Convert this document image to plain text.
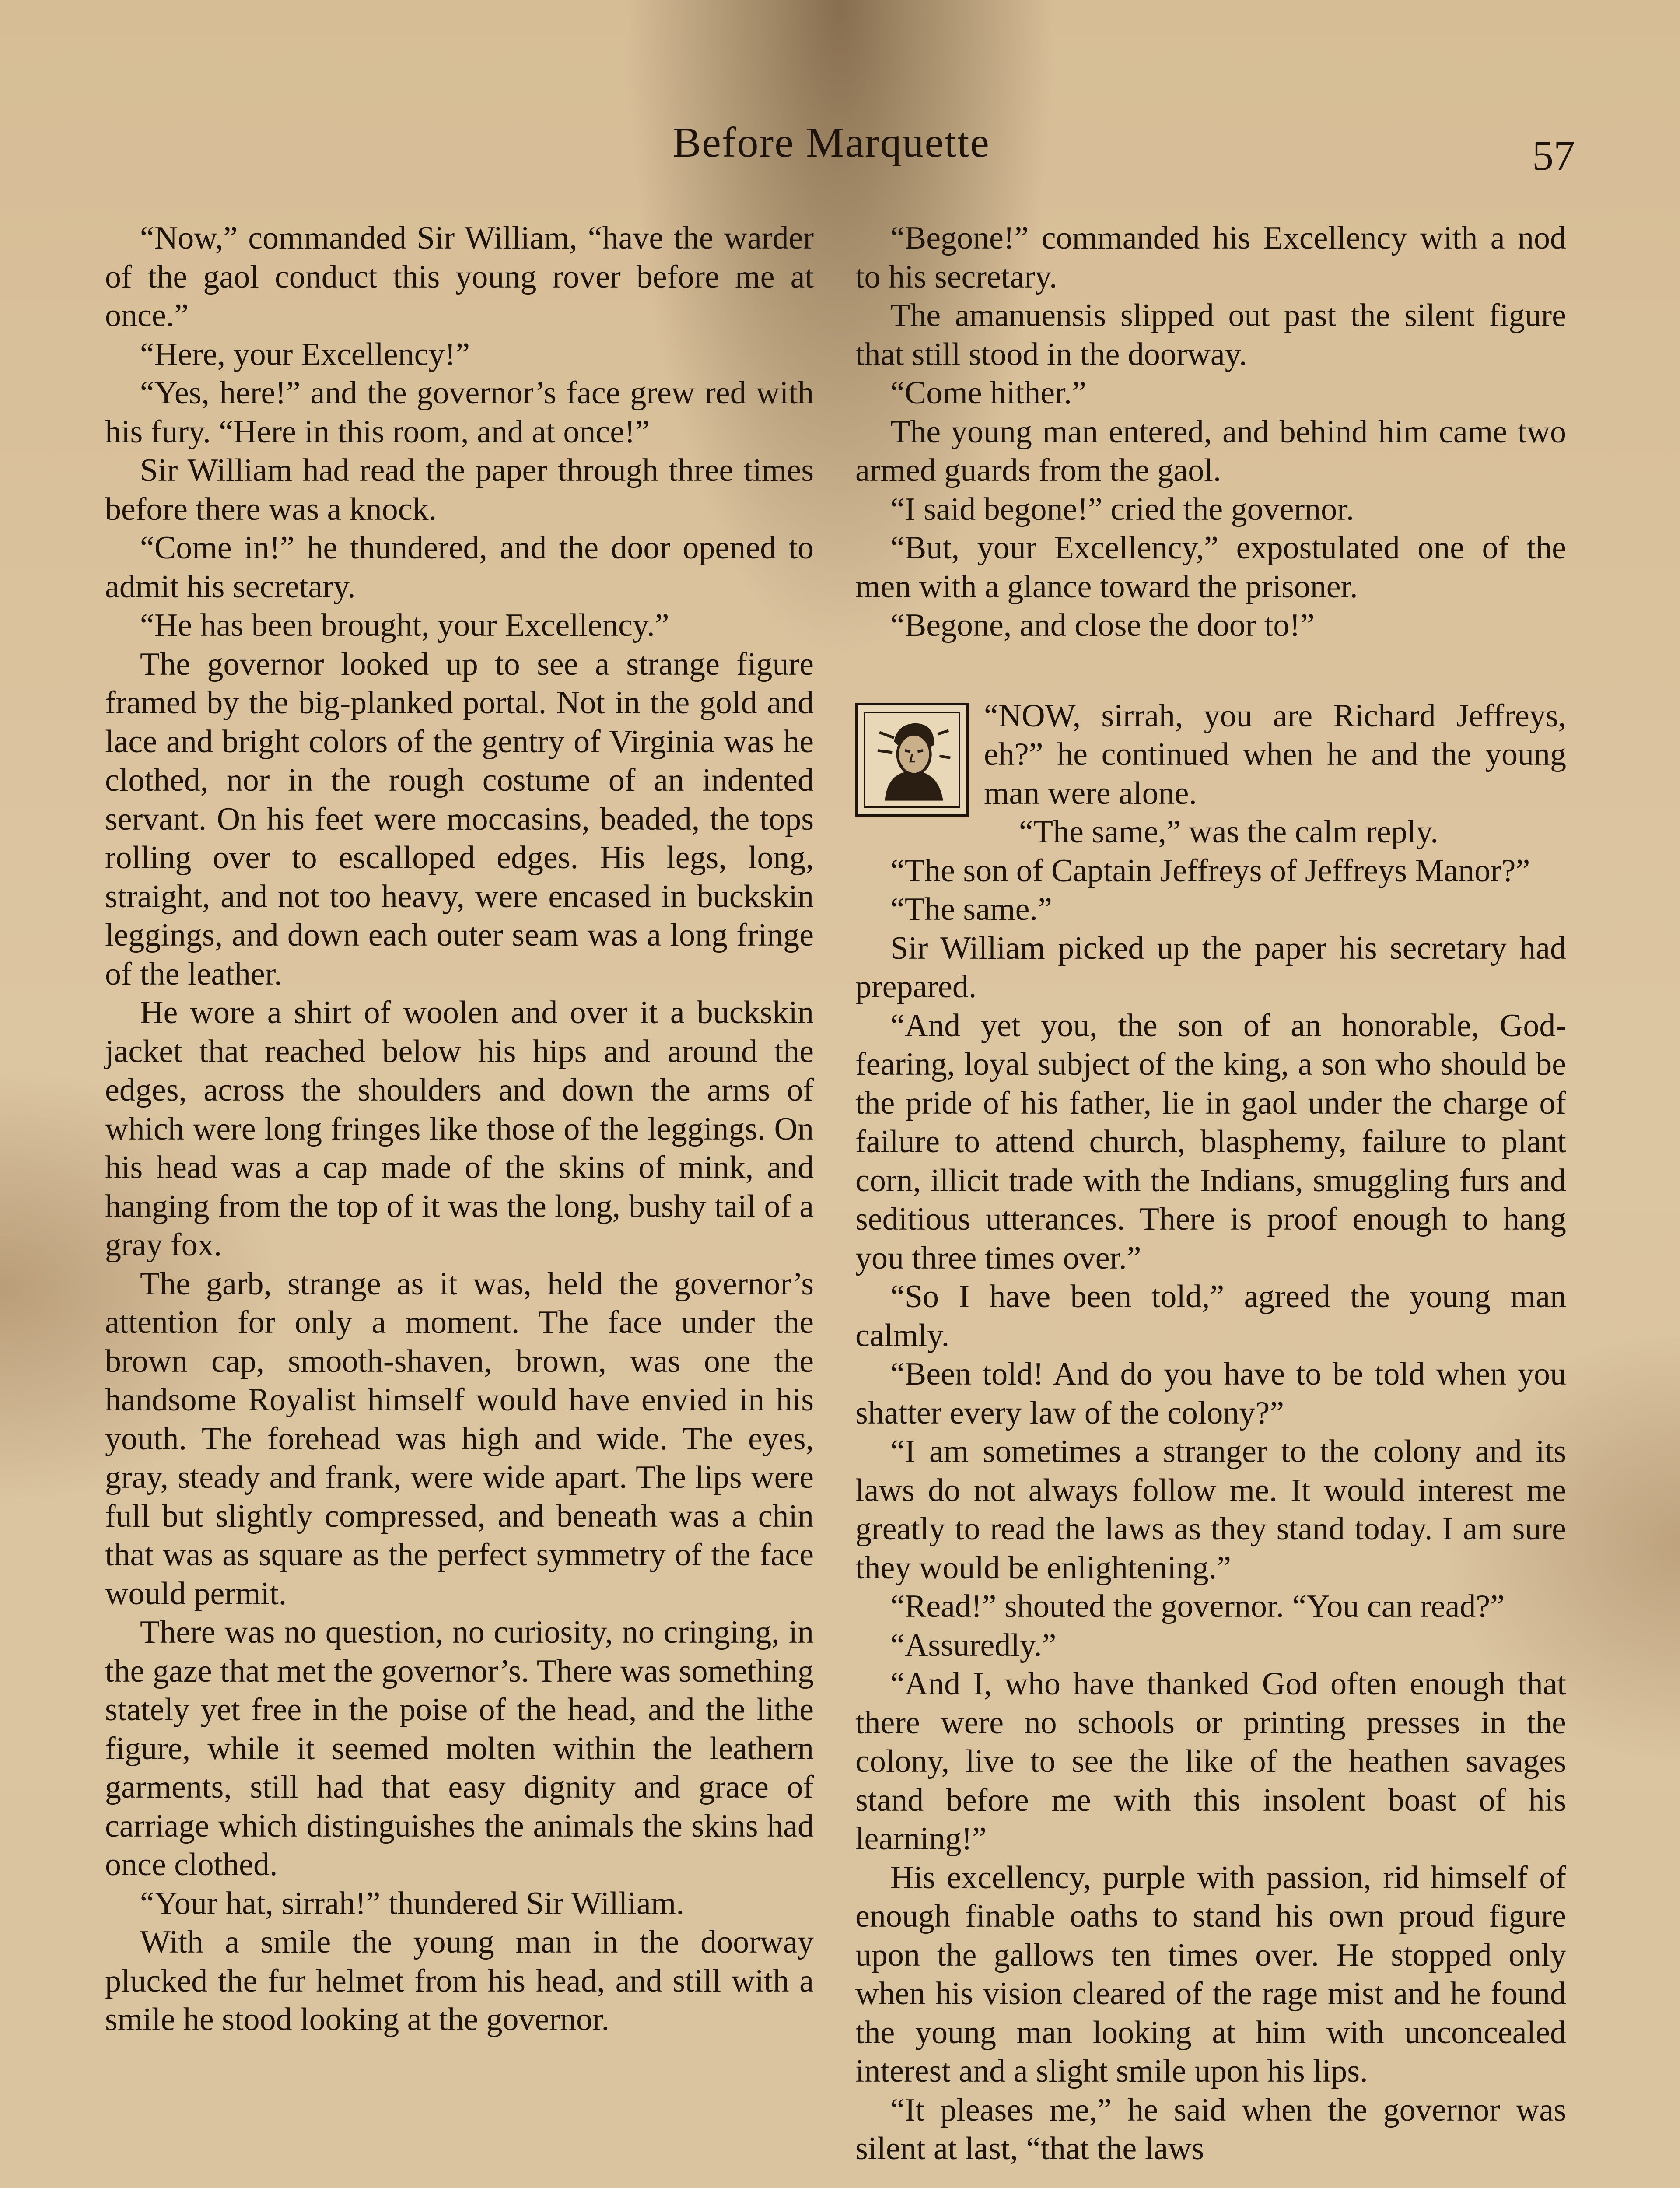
Before Marquette	57

“Now,” commanded Sir William, “have the warder of the gaol conduct this young rover before me at once.”

“Here, your Excellency!”

“Yes, here!” and the governor’s face grew red with his fury. “Here in this room, and at once!”

Sir William had read the paper through three times before there was a knock.

“Come in!” he thundered, and the door opened to admit his secretary.

“He has been brought, your Excellency.”

The governor looked up to see a strange figure framed by the big-planked portal. Not in the gold and lace and bright colors of the gentry of Virginia was he clothed, nor in the rough costume of an indented servant. On his feet were moccasins, beaded, the tops rolling over to escalloped edges. His legs, long, straight, and not too heavy, were encased in buckskin leggings, and down each outer seam was a long fringe of the leather.

He wore a shirt of woolen and over it a buckskin jacket that reached below his hips and around the edges, across the shoulders and down the arms of which were long fringes like those of the leggings. On his head was a cap made of the skins of mink, and hanging from the top of it was the long, bushy tail of a gray fox.

The garb, strange as it was, held the governor’s attention for only a moment. The face under the brown cap, smooth-shaven, brown, was one the handsome Royalist himself would have envied in his youth. The forehead was high and wide. The eyes, gray, steady and frank, were wide apart. The lips were full but slightly compressed, and beneath was a chin that was as square as the perfect symmetry of the face would permit.

There was no question, no curiosity, no cringing, in the gaze that met the governor’s. There was something stately yet free in the poise of the head, and the lithe figure, while it seemed molten within the leathern garments, still had that easy dignity and grace of carriage which distinguishes the animals the skins had once clothed.

“Your hat, sirrah!” thundered Sir William.

With a smile the young man in the doorway plucked the fur helmet from his head, and still with a smile he stood looking at the governor.

“Begone!” commanded his Excellency with a nod to his secretary.

The amanuensis slipped out past the silent figure that still stood in the doorway.

“Come hither.”

The young man entered, and behind him came two armed guards from the gaol.

“I said begone!” cried the governor.

“But, your Excellency,” expostulated one of the men with a glance toward the prisoner.

“Begone, and close the door to!”

“NOW, sirrah, you are Richard Jeffreys, eh?” he continued when he and the young man were alone.

“The same,” was the calm reply.

“The son of Captain Jeffreys of Jeffreys Manor?”

“The same.”

Sir William picked up the paper his secretary had prepared.

“And yet you, the son of an honorable, God-fearing, loyal subject of the king, a son who should be the pride of his father, lie in gaol under the charge of failure to attend church, blasphemy, failure to plant corn, illicit trade with the Indians, smuggling furs and seditious utterances. There is proof enough to hang you three times over.”

“So I have been told,” agreed the young man calmly.

“Been told! And do you have to be told when you shatter every law of the colony?”

“I am sometimes a stranger to the colony and its laws do not always follow me. It would interest me greatly to read the laws as they stand today. I am sure they would be enlightening.”

“Read!” shouted the governor. “You can read?”

“Assuredly.”

“And I, who have thanked God often enough that there were no schools or printing presses in the colony, live to see the like of the heathen savages stand before me with this insolent boast of his learning!”

His excellency, purple with passion, rid himself of enough finable oaths to stand his own proud figure upon the gallows ten times over. He stopped only when his vision cleared of the rage mist and he found the young man looking at him with unconcealed interest and a slight smile upon his lips.

“It pleases me,” he said when the governor was silent at last, “that the laws
